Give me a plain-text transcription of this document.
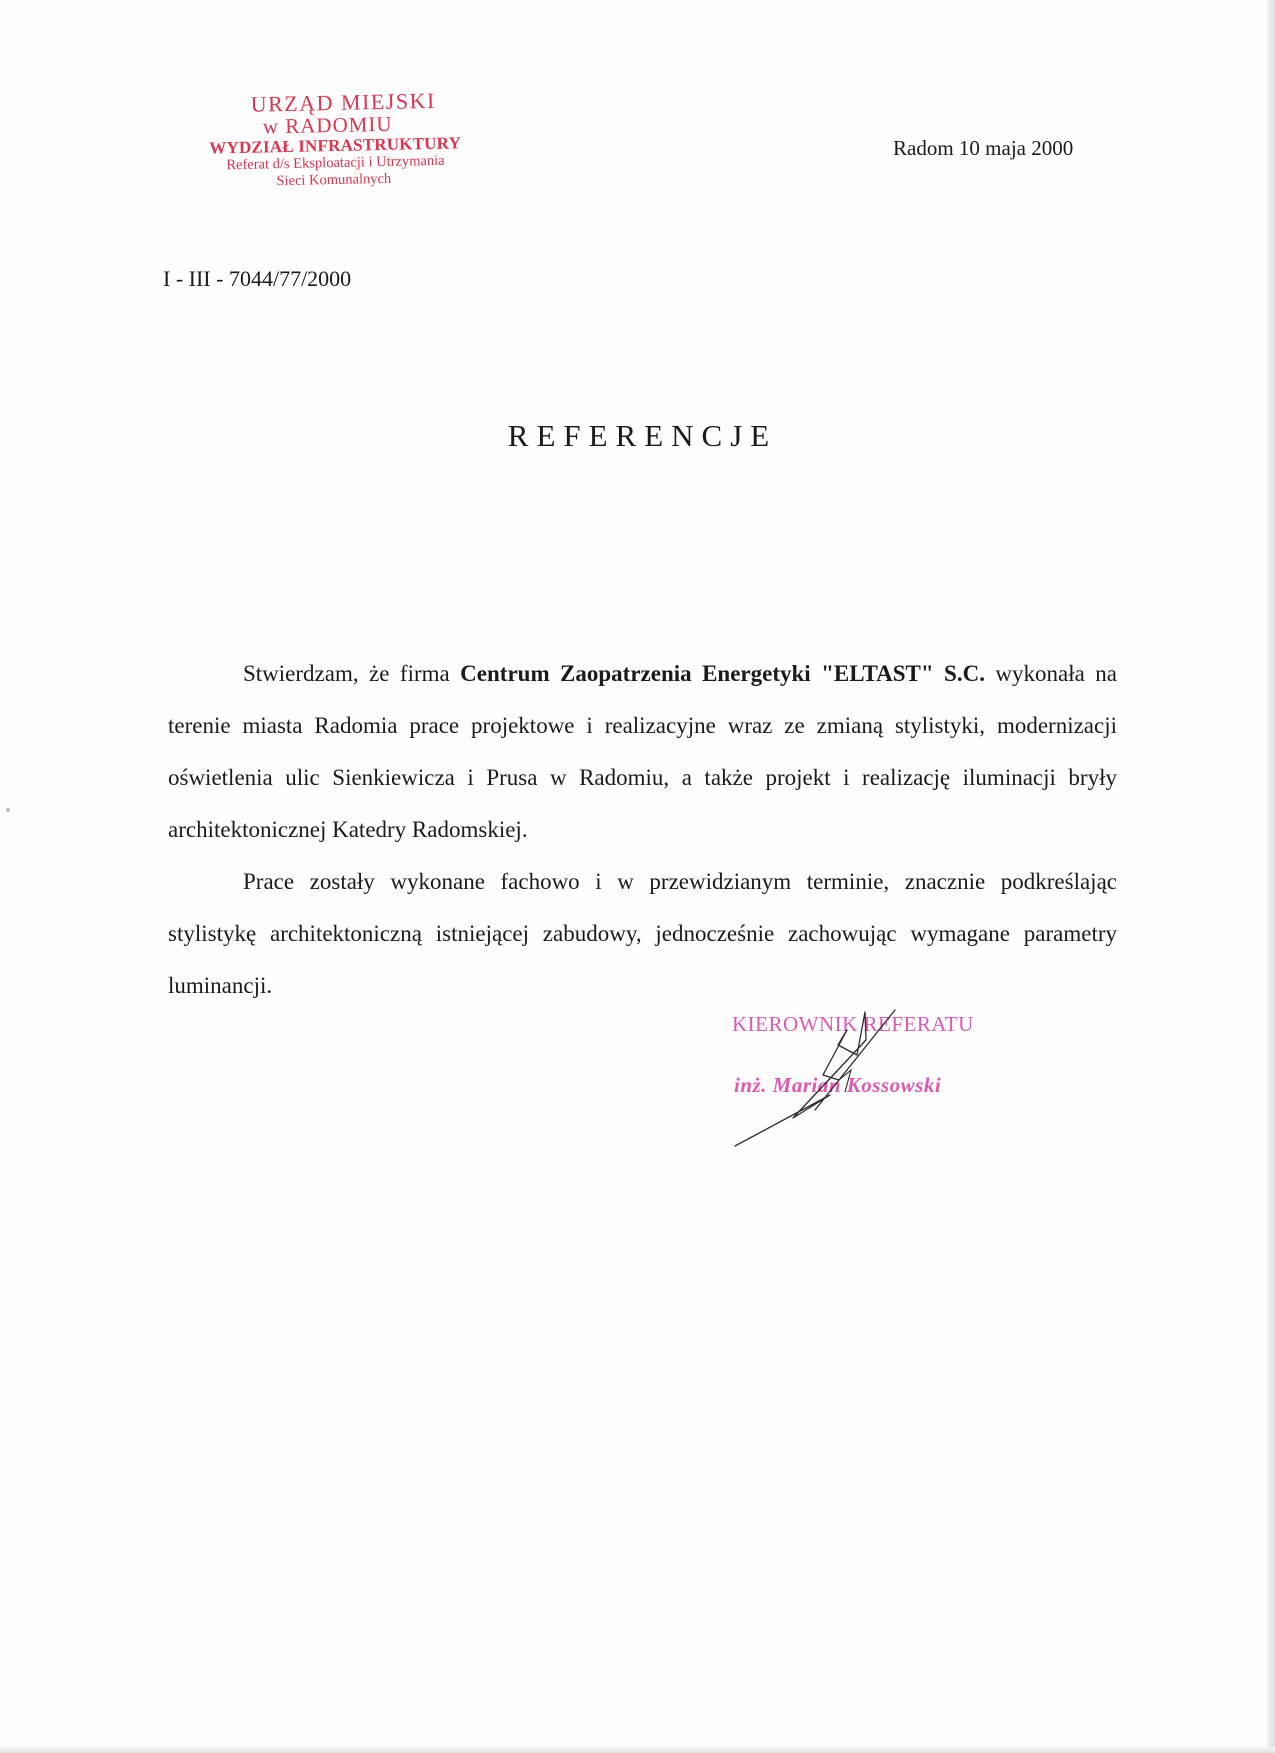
URZĄD MIEJSKI
w RADOMIU
WYDZIAŁ INFRASTRUKTURY
Referat d/s Eksploatacji i Utrzymania
Sieci Komunalnych
Radom 10 maja 2000
I - III - 7044/77/2000
REFERENCJE

Stwierdzam, że firma Centrum Zaopatrzenia Energetyki "ELTAST" S.C. wykonała na terenie miasta Radomia prace projektowe i realizacyjne wraz ze zmianą stylistyki, modernizacji oświetlenia ulic Sienkiewicza i Prusa w Radomiu, a także projekt i realizację iluminacji bryły architektonicznej Katedry Radomskiej.

Prace zostały wykonane fachowo i w przewidzianym terminie, znacznie podkreślając stylistykę architektoniczną istniejącej zabudowy, jednocześnie zachowując wymagane parametry luminancji.

KIEROWNIK REFERATU
inż. Marian Kossowski
